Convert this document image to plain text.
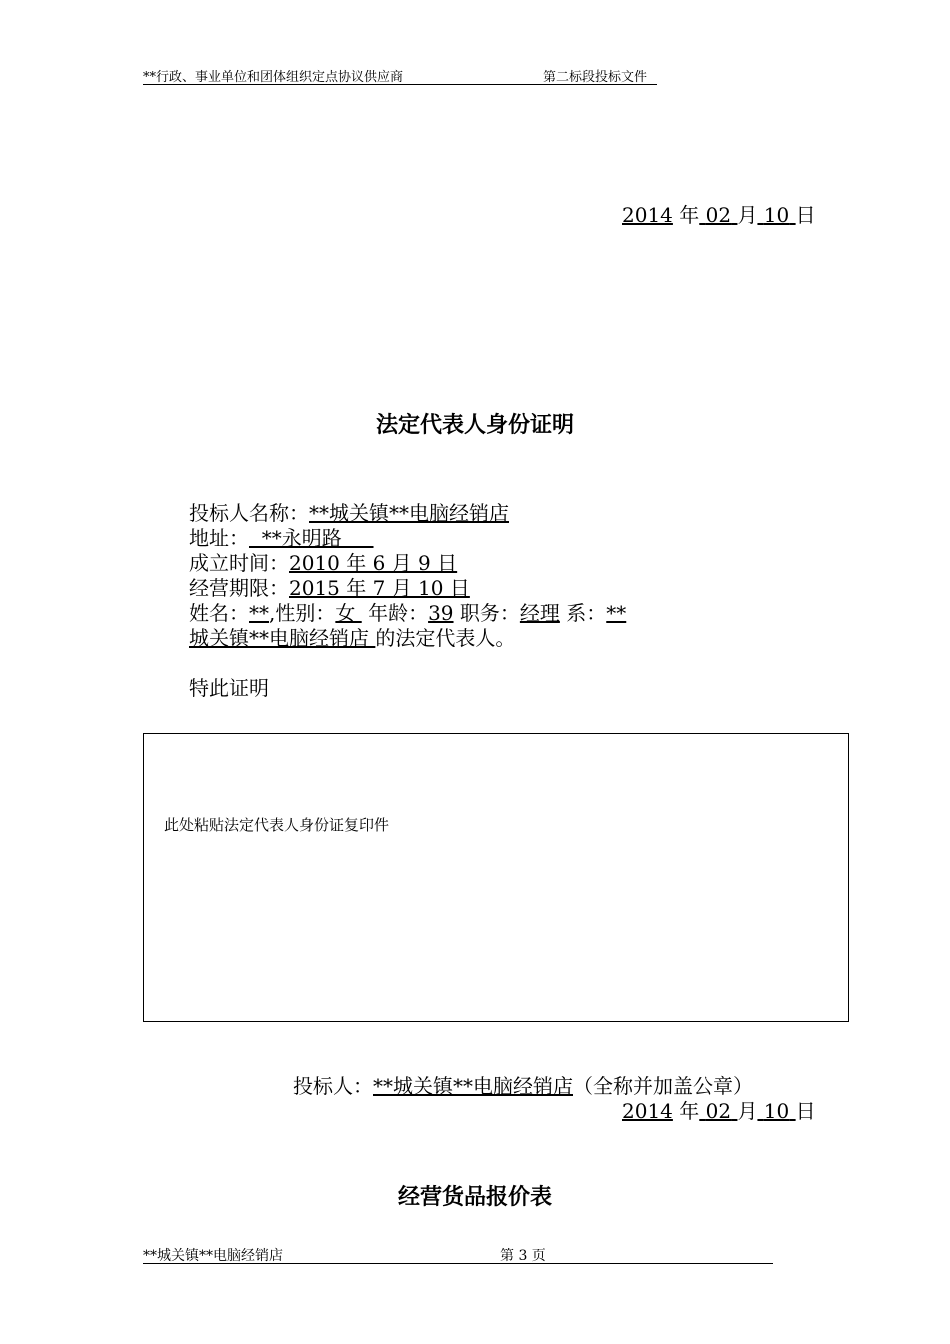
**行政、事业单位和团体组织定点协议供应商	第二标段投标文件
2014 年 02 月 10 日
法定代表人身份证明
投标人名称：**城关镇**电脑经销店
地址：  **永明路
成立时间：2010 年 6 月 9 日
经营期限：2015 年 7 月 10 日
姓名：**,性别：女  年龄：39 职务：经理 系：**
城关镇**电脑经销店 的法定代表人。
特此证明
此处粘贴法定代表人身份证复印件
投标人：**城关镇**电脑经销店（全称并加盖公章）
2014 年 02 月 10 日
经营货品报价表
**城关镇**电脑经销店	第 3 页
